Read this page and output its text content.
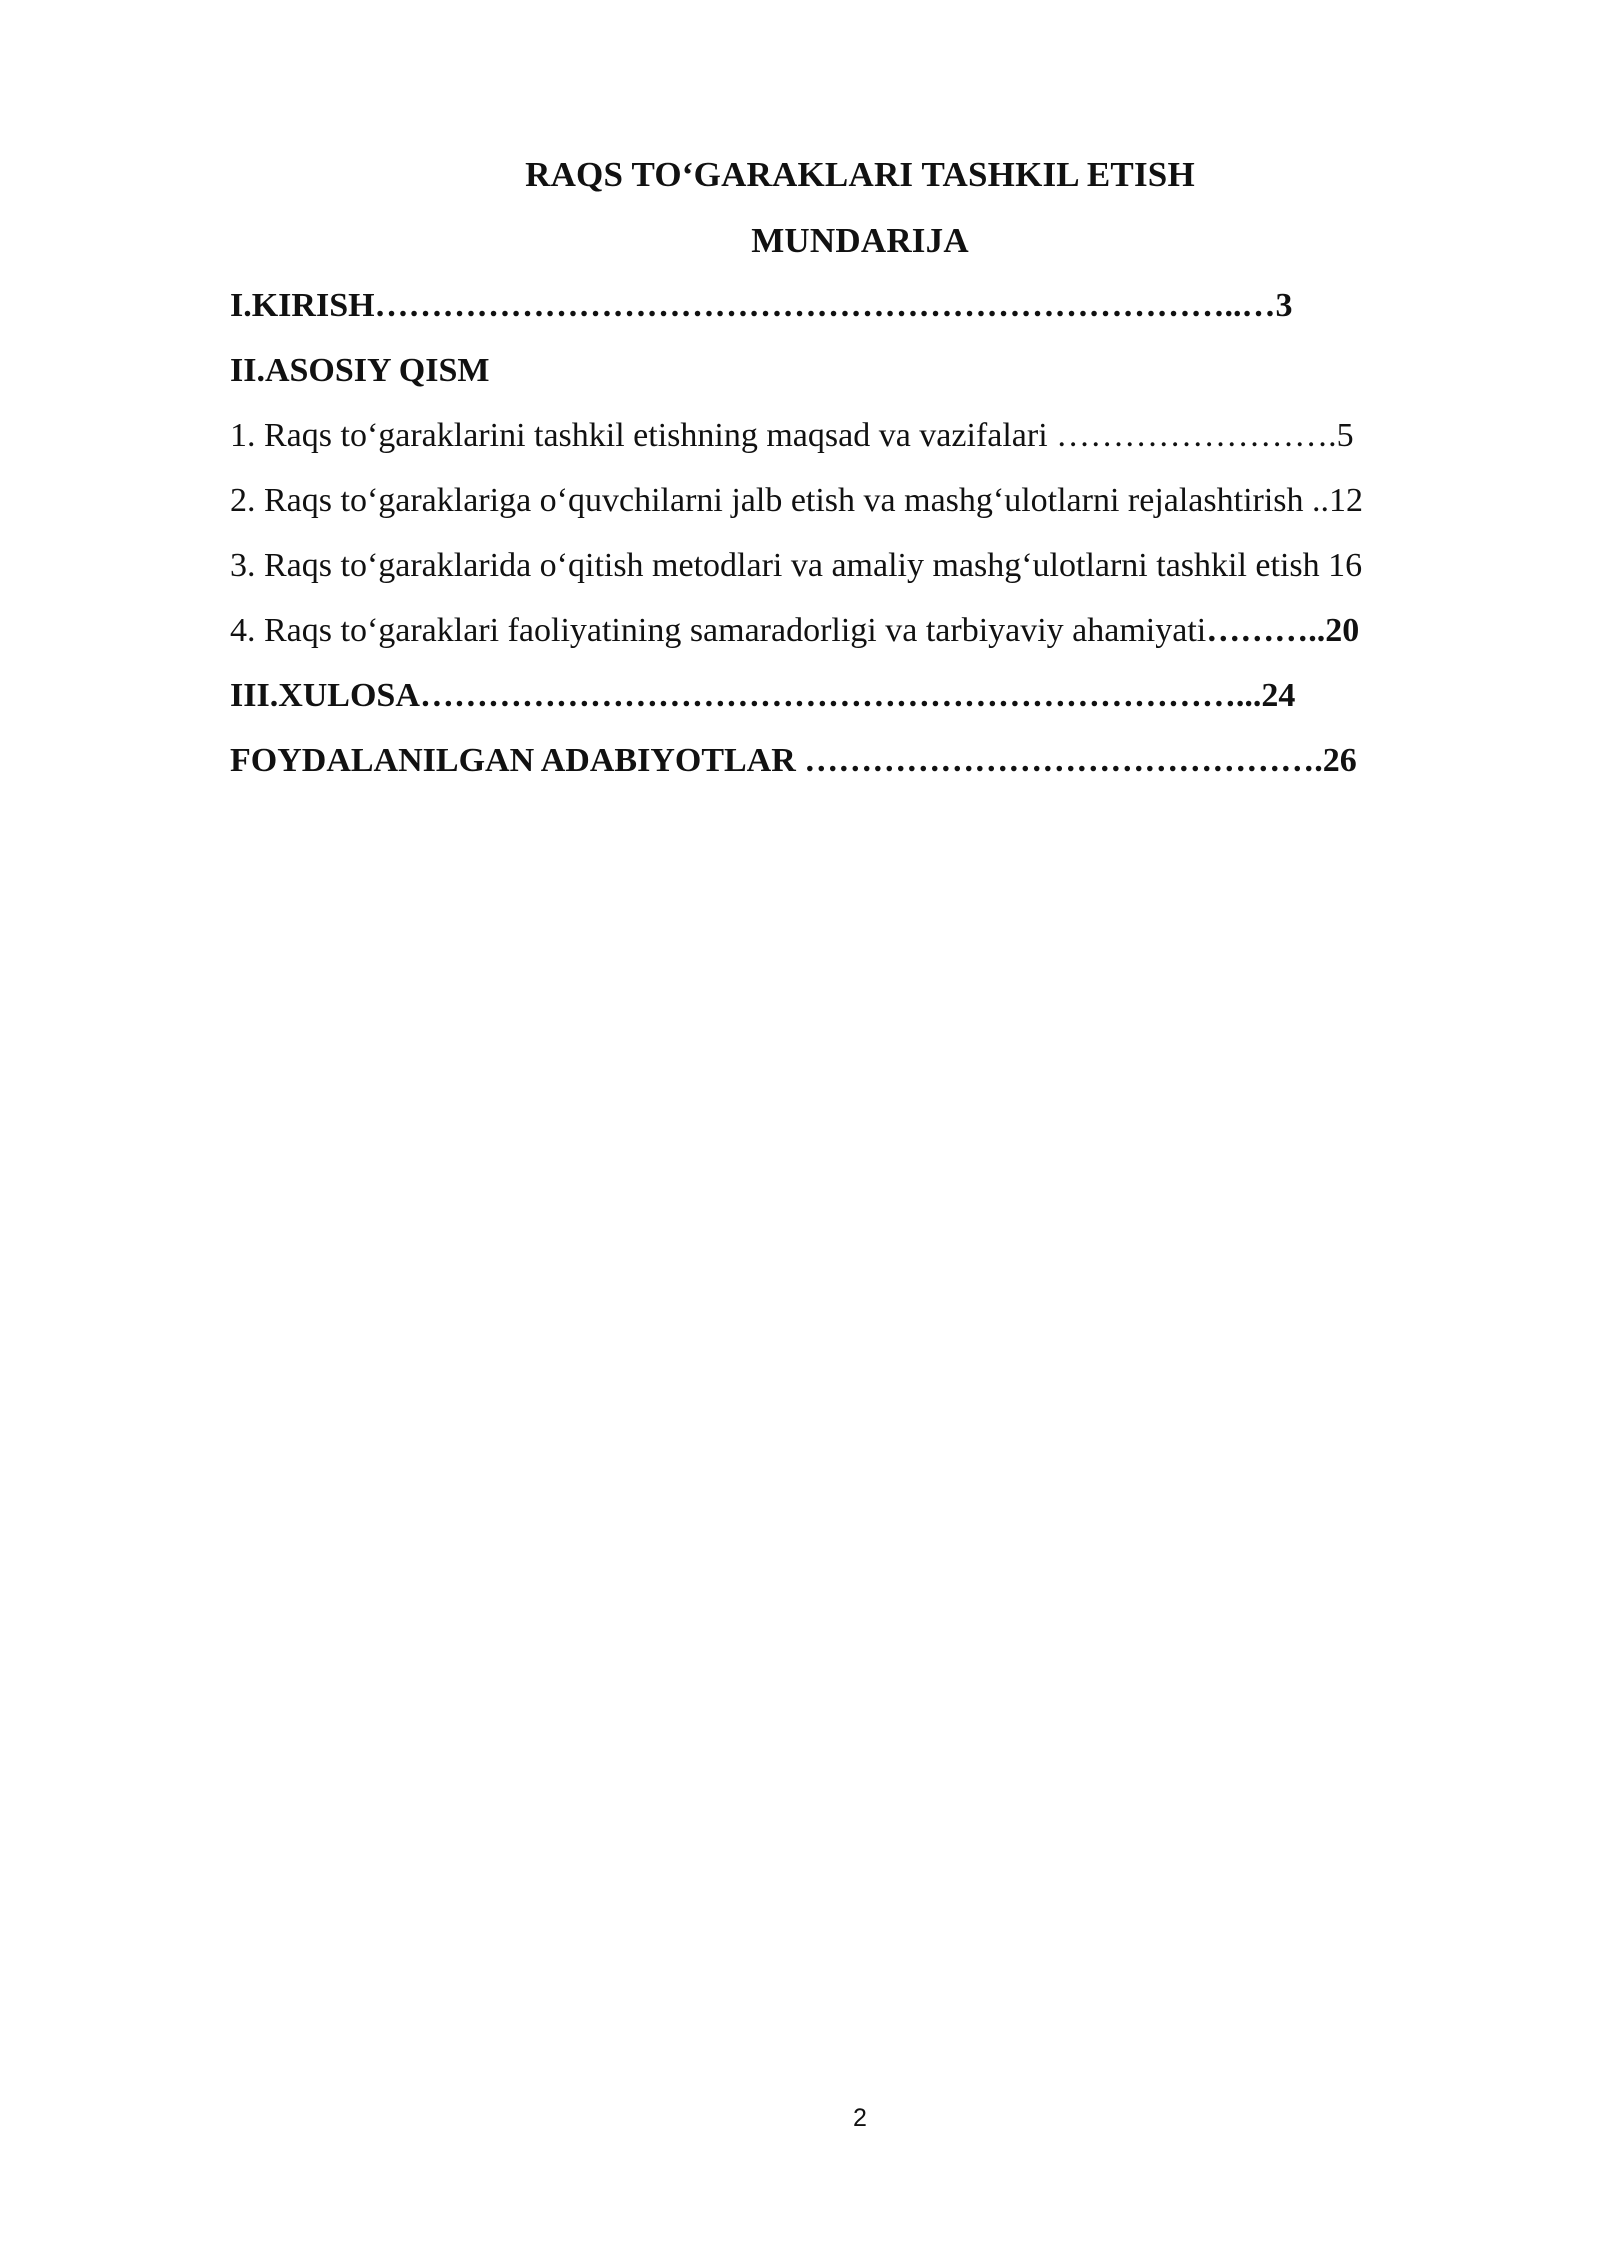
RAQS TO‘GARAKLARI TASHKIL ETISH
MUNDARIJA
I.KIRISH…………………………………………………………………..…3
II.ASOSIY QISM
1. Raqs to‘garaklarini tashkil etishning maqsad va vazifalari …………………….5
2. Raqs to‘garaklariga o‘quvchilarni jalb etish va mashg‘ulotlarni rejalashtirish ..12
3. Raqs to‘garaklarida o‘qitish metodlari va amaliy mashg‘ulotlarni tashkil etish 16
4. Raqs to‘garaklari faoliyatining samaradorligi va tarbiyaviy ahamiyati………..20
III.XULOSA………………………………………………………………...24
FOYDALANILGAN ADABIYOTLAR ……………………………………….26
2
